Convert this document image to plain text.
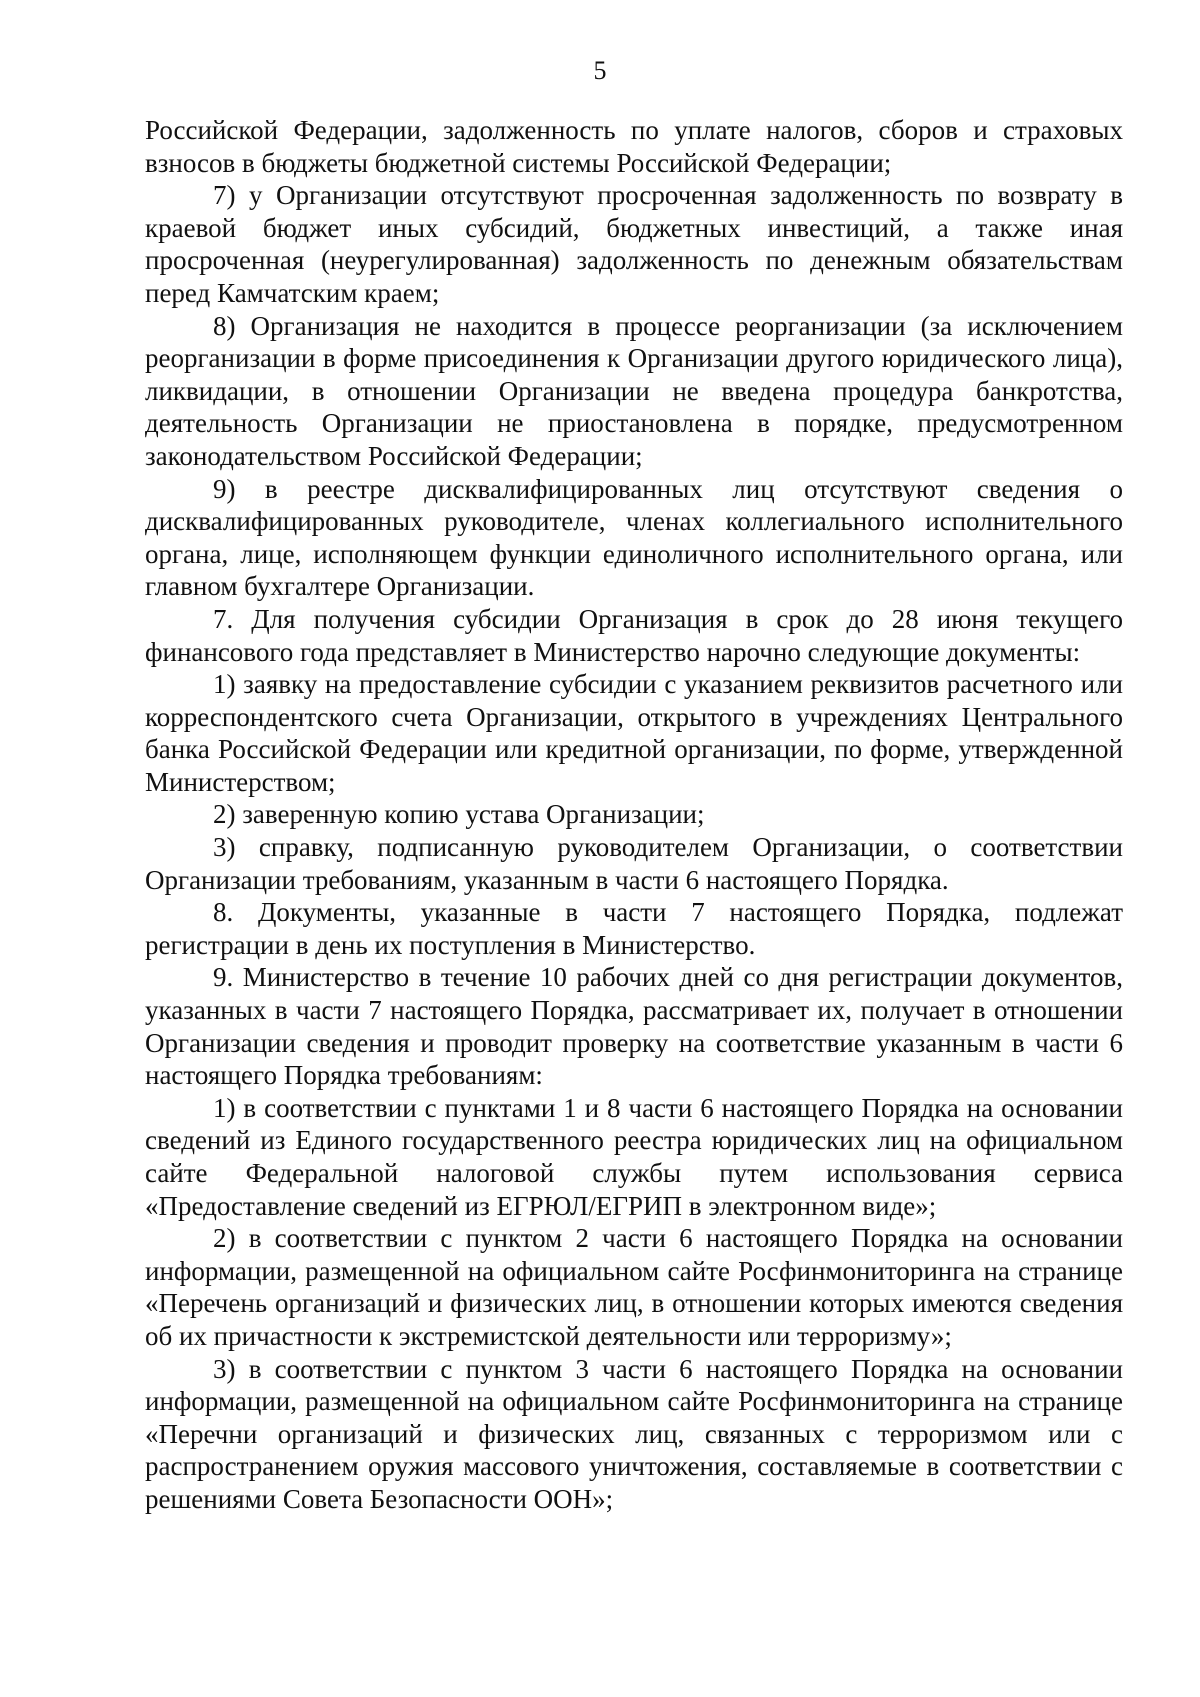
5

Российской Федерации, задолженность по уплате налогов, сборов и страховых взносов в бюджеты бюджетной системы Российской Федерации;

7) у Организации отсутствуют просроченная задолженность по возврату в краевой бюджет иных субсидий, бюджетных инвестиций, а также иная просроченная (неурегулированная) задолженность по денежным обязательствам перед Камчатским краем;

8) Организация не находится в процессе реорганизации (за исключением реорганизации в форме присоединения к Организации другого юридического лица), ликвидации, в отношении Организации не введена процедура банкротства, деятельность Организации не приостановлена в порядке, предусмотренном законодательством Российской Федерации;

9) в реестре дисквалифицированных лиц отсутствуют сведения о дисквалифицированных руководителе, членах коллегиального исполнительного органа, лице, исполняющем функции единоличного исполнительного органа, или главном бухгалтере Организации.

7. Для получения субсидии Организация в срок до 28 июня текущего финансового года представляет в Министерство нарочно следующие документы:

1) заявку на предоставление субсидии с указанием реквизитов расчетного или корреспондентского счета Организации, открытого в учреждениях Центрального банка Российской Федерации или кредитной организации, по форме, утвержденной Министерством;

2) заверенную копию устава Организации;

3) справку, подписанную руководителем Организации, о соответствии Организации требованиям, указанным в части 6 настоящего Порядка.

8. Документы, указанные в части 7 настоящего Порядка, подлежат регистрации в день их поступления в Министерство.

9. Министерство в течение 10 рабочих дней со дня регистрации документов, указанных в части 7 настоящего Порядка, рассматривает их, получает в отношении Организации сведения и проводит проверку на соответствие указанным в части 6 настоящего Порядка требованиям:

1) в соответствии с пунктами 1 и 8 части 6 настоящего Порядка на основании сведений из Единого государственного реестра юридических лиц на официальном сайте Федеральной налоговой службы путем использования сервиса «Предоставление сведений из ЕГРЮЛ/ЕГРИП в электронном виде»;

2) в соответствии с пунктом 2 части 6 настоящего Порядка на основании информации, размещенной на официальном сайте Росфинмониторинга на странице «Перечень организаций и физических лиц, в отношении которых имеются сведения об их причастности к экстремистской деятельности или терроризму»;

3) в соответствии с пунктом 3 части 6 настоящего Порядка на основании информации, размещенной на официальном сайте Росфинмониторинга на странице «Перечни организаций и физических лиц, связанных с терроризмом или с распространением оружия массового уничтожения, составляемые в соответствии с решениями Совета Безопасности ООН»;
